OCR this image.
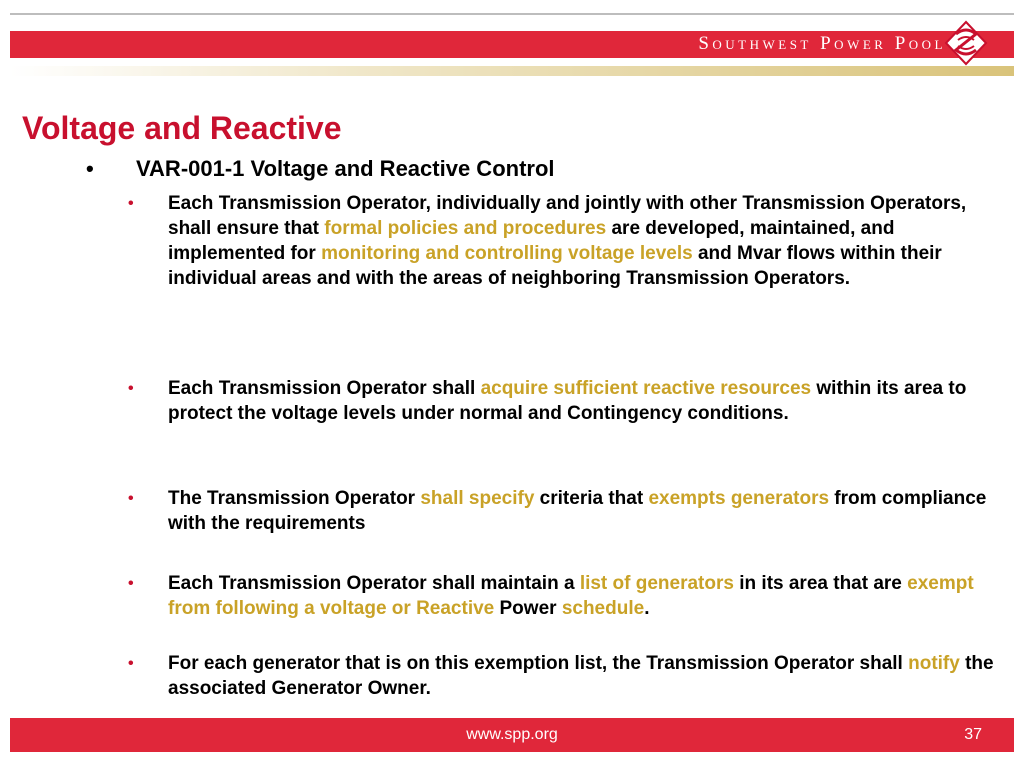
Southwest Power Pool
Voltage and Reactive
• VAR-001-1 Voltage and Reactive Control
• Each Transmission Operator, individually and jointly with other Transmission Operators, shall ensure that formal policies and procedures are developed, maintained, and implemented for monitoring and controlling voltage levels and Mvar flows within their individual areas and with the areas of neighboring Transmission Operators.
• Each Transmission Operator shall acquire sufficient reactive resources within its area to protect the voltage levels under normal and Contingency conditions.
• The Transmission Operator shall specify criteria that exempts generators from compliance with the requirements
• Each Transmission Operator shall maintain a list of generators in its area that are exempt from following a voltage or Reactive Power schedule.
• For each generator that is on this exemption list, the Transmission Operator shall notify the associated Generator Owner.
www.spp.org	37
